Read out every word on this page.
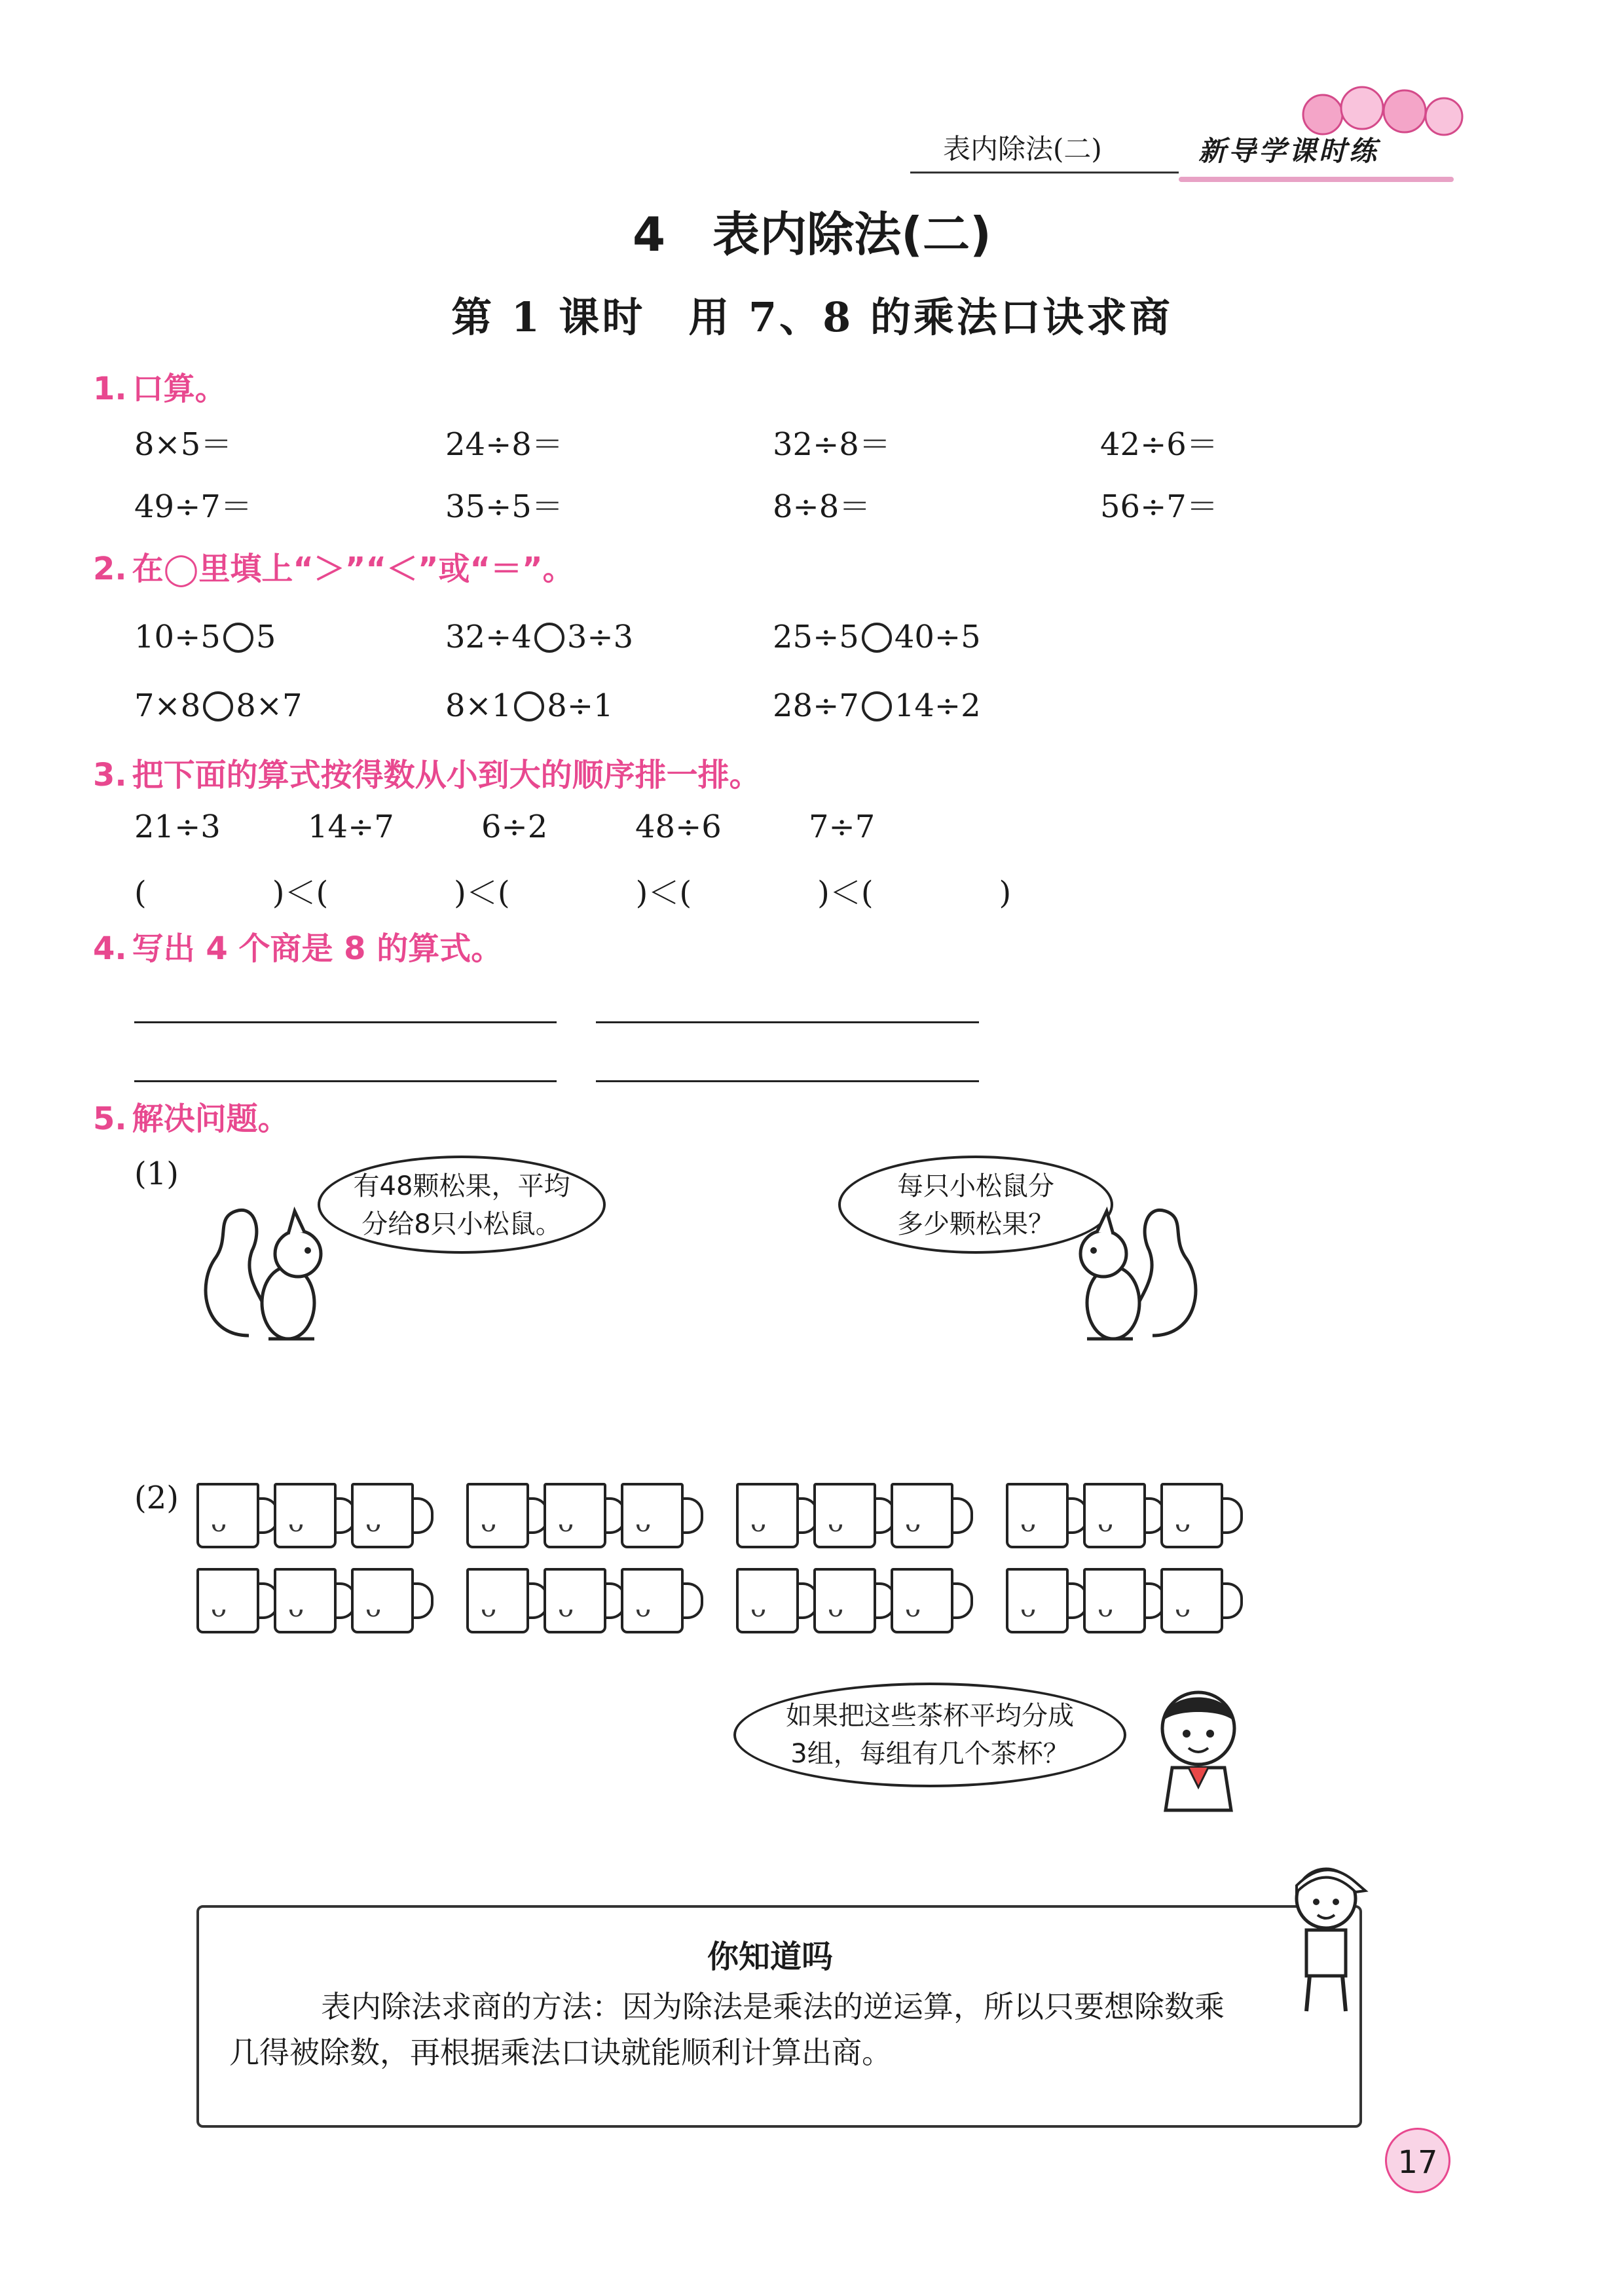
表内除法(二)	新导学课时练
4　表内除法(二)
第 1 课时　用 7、8 的乘法口诀求商
1. 口算。
8×5＝	24÷8＝	32÷8＝	42÷6＝
49÷7＝	35÷5＝	8÷8＝	56÷7＝
2. 在◯里填上“＞”“＜”或“＝”。
10÷5 5	32÷4 3÷3	25÷5 40÷5
7×8 8×7	8×1 8÷1	28÷7 14÷2
3. 把下面的算式按得数从小到大的顺序排一排。
21÷3	14÷7	6÷2	48÷6	7÷7
(　　　　)＜(　　　　)＜(　　　　)＜(　　　　)＜(　　　　)
4. 写出 4 个商是 8 的算式。
5. 解决问题。
(1)	有48颗松果，平均
分给8只小松鼠。
每只小松鼠分
多少颗松果？
(2)
ᴗ ᴗ ᴗ	ᴗ ᴗ ᴗ	ᴗ ᴗ ᴗ	ᴗ ᴗ ᴗ
ᴗ ᴗ ᴗ	ᴗ ᴗ ᴗ	ᴗ ᴗ ᴗ	ᴗ ᴗ ᴗ
如果把这些茶杯平均分成
3组，每组有几个茶杯？
你知道吗
表内除法求商的方法：因为除法是乘法的逆运算，所以只要想除数乘几得被除数，再根据乘法口诀就能顺利计算出商。
17
